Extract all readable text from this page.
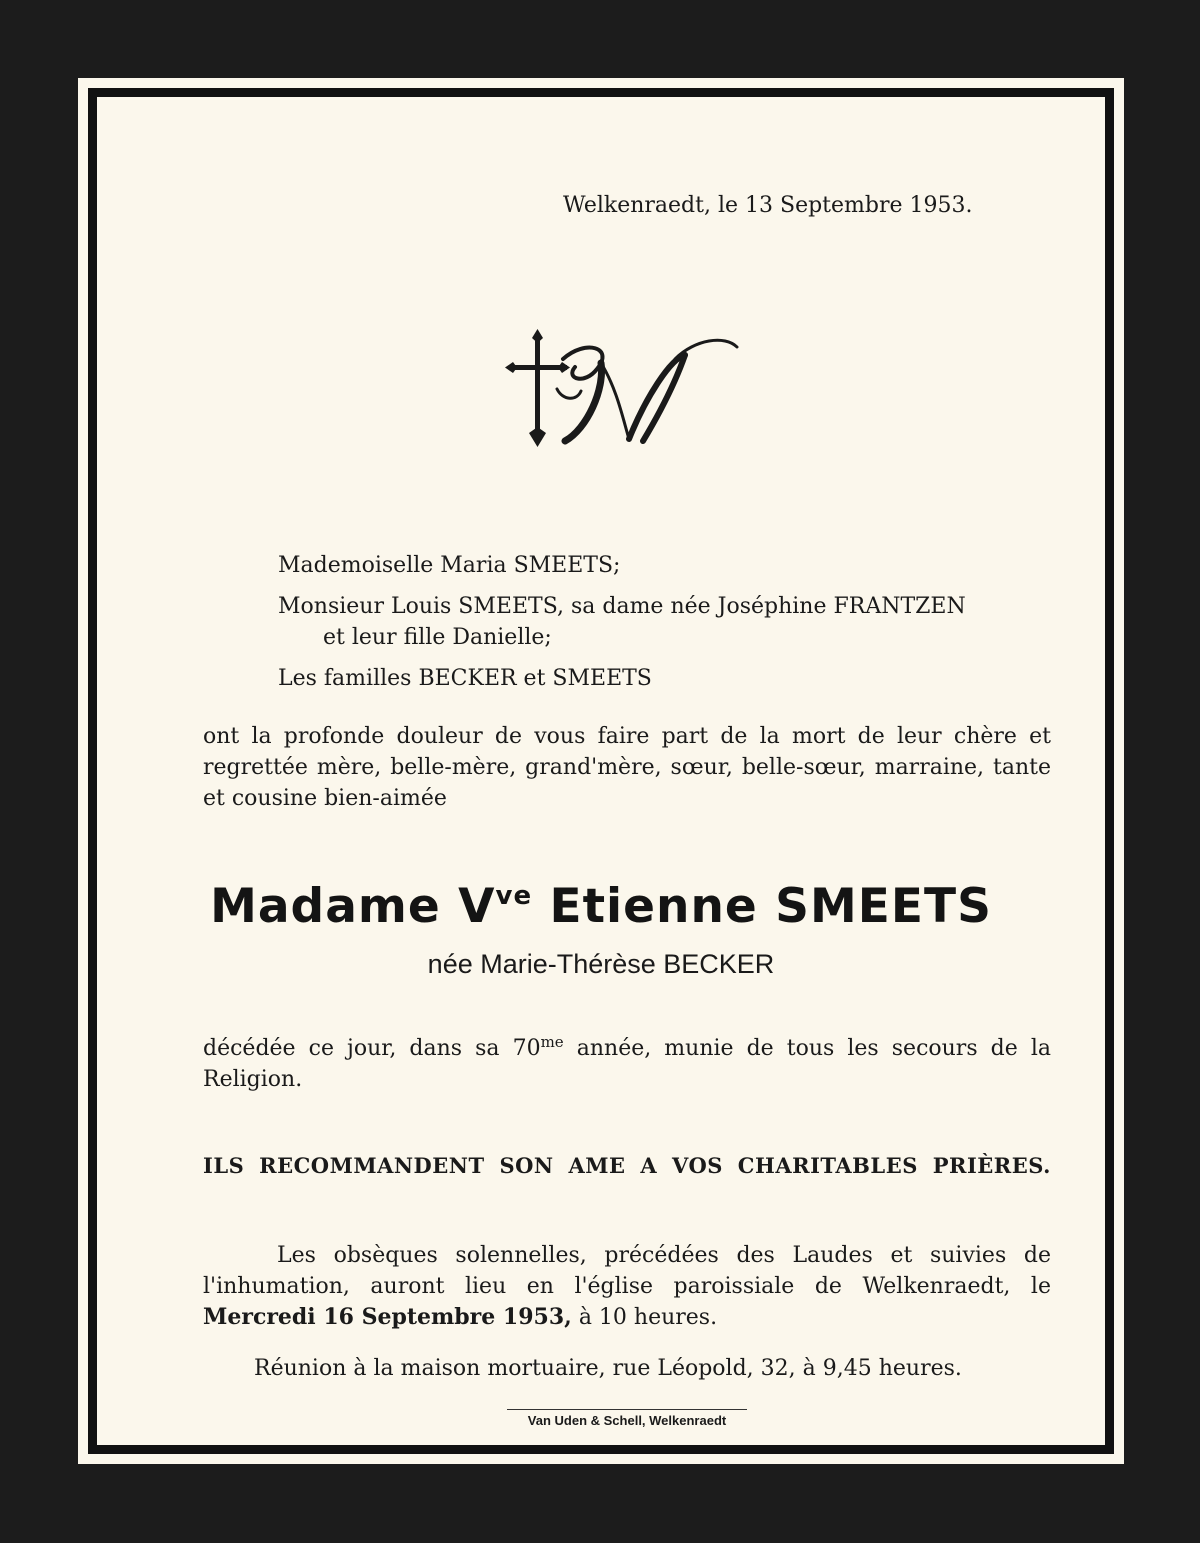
Welkenraedt, le 13 Septembre 1953.
Mademoiselle Maria SMEETS;
Monsieur Louis SMEETS, sa dame née Joséphine FRANTZEN
et leur fille Danielle;
Les familles BECKER et SMEETS
ont la profonde douleur de vous faire part de la mort de leur chère et
regrettée mère, belle-mère, grand'mère, sœur, belle-sœur, marraine, tante
et cousine bien-aimée
Madame $V^{ve}$ Etienne SMEETS
née Marie-Thérèse BECKER
décédée ce jour, dans sa $70^{me}$ année, munie de tous les secours de la
Religion.
ILS RECOMMANDENT SON AME A VOS CHARITABLES PRIÈRES.
Les obsèques solennelles, précédées des Laudes et suivies de
l'inhumation, auront lieu en l'église paroissiale de Welkenraedt, le
Mercredi 16 Septembre 1953, à 10 heures.
Réunion à la maison mortuaire, rue Léopold, 32, à 9,45 heures.
Van Uden & Schell, Welkenraedt
